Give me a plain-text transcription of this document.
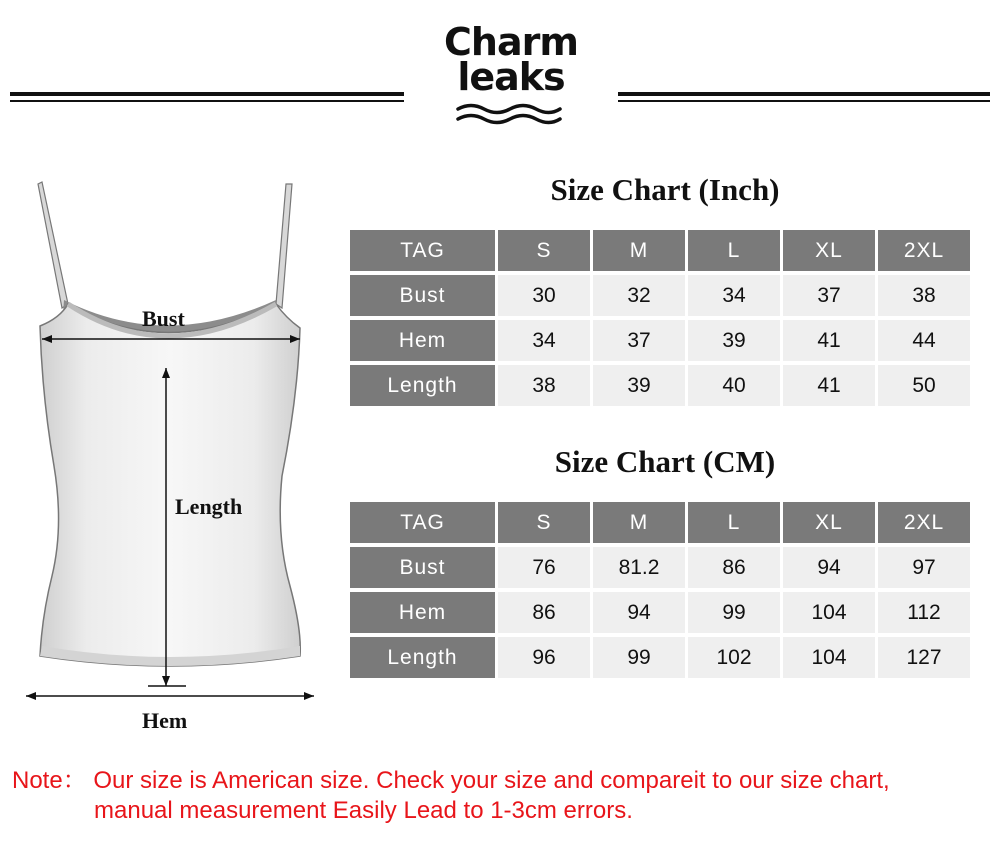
Charm
leaks
Bust
Length
Hem
Size Chart (Inch)
TAG	S	M	L	XL	2XL
Bust	30	32	34	37	38
Hem	34	37	39	41	44
Length	38	39	40	41	50
Size Chart (CM)
TAG	S	M	L	XL	2XL
Bust	76	81.2	86	94	97
Hem	86	94	99	104	112
Length	96	99	102	104	127
Note： Our size is American size. Check your size and compareit to our size chart,
manual measurement Easily Lead to 1-3cm errors.
